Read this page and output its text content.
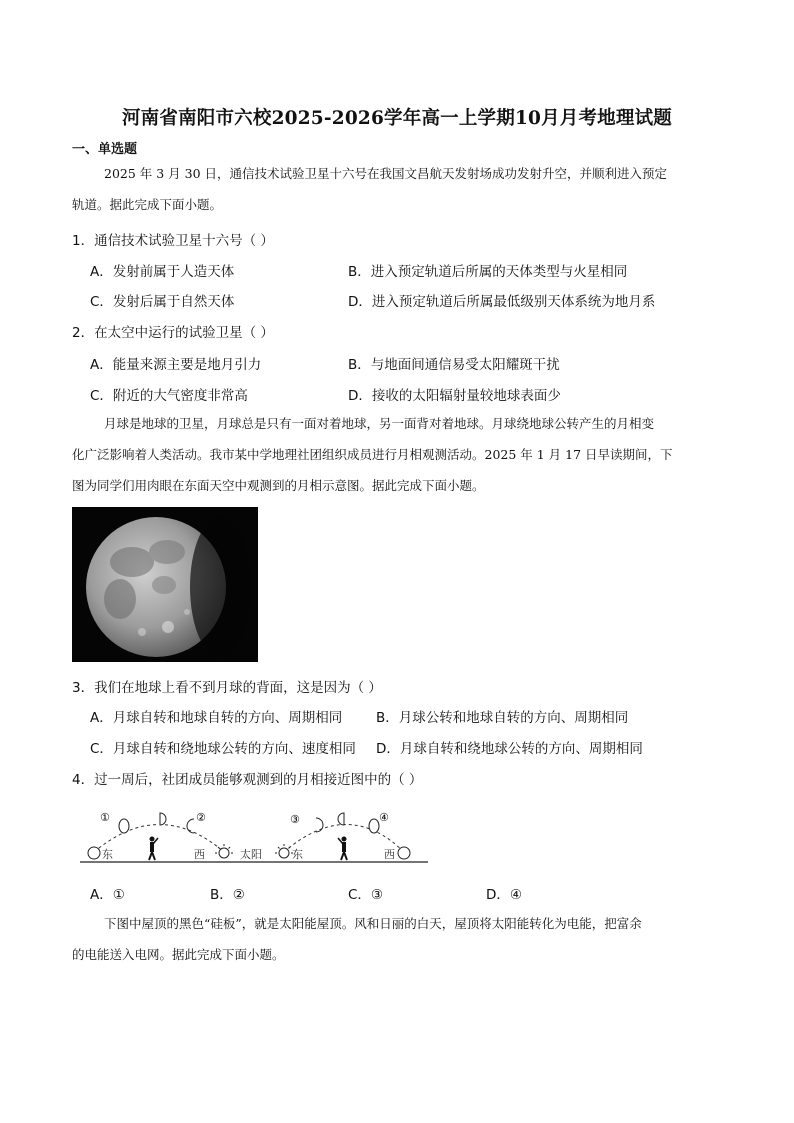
河南省南阳市六校2025-2026学年高一上学期10月月考地理试题
一、单选题
2025 年 3 月 30 日，通信技术试验卫星十六号在我国文昌航天发射场成功发射升空，并顺利进入预定
轨道。据此完成下面小题。
1．通信技术试验卫星十六号（ ）
A．发射前属于人造天体	B．进入预定轨道后所属的天体类型与火星相同
C．发射后属于自然天体	D．进入预定轨道后所属最低级别天体系统为地月系
2．在太空中运行的试验卫星（ ）
A．能量来源主要是地月引力	B．与地面间通信易受太阳耀斑干扰
C．附近的大气密度非常高	D．接收的太阳辐射量较地球表面少
月球是地球的卫星，月球总是只有一面对着地球，另一面背对着地球。月球绕地球公转产生的月相变
化广泛影响着人类活动。我市某中学地理社团组织成员进行月相观测活动。2025 年 1 月 17 日早读期间，下
图为同学们用肉眼在东面天空中观测到的月相示意图。据此完成下面小题。
3．我们在地球上看不到月球的背面，这是因为（ ）
A．月球自转和地球自转的方向、周期相同	B．月球公转和地球自转的方向、周期相同
C．月球自转和绕地球公转的方向、速度相同 D．月球自转和绕地球公转的方向、周期相同
4．过一周后，社团成员能够观测到的月相接近图中的（ ）
①	②	③	④
东	西	太阳	东	西
A．①	B．②	C．③	D．④
下图中屋顶的黑色“硅板”，就是太阳能屋顶。风和日丽的白天，屋顶将太阳能转化为电能，把富余
的电能送入电网。据此完成下面小题。
